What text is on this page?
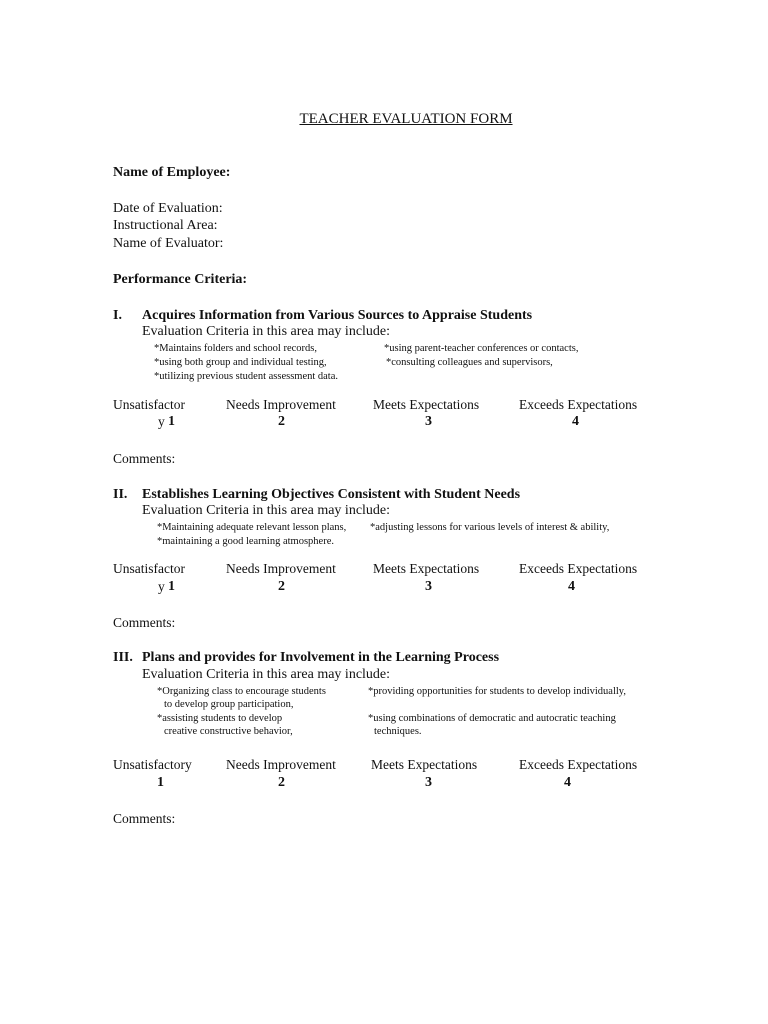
TEACHER EVALUATION FORM
Name of Employee:
Date of Evaluation:
Instructional Area:
Name of Evaluator:
Performance Criteria:
I. Acquires Information from Various Sources to Appraise Students
Evaluation Criteria in this area may include:
*Maintains folders and school records,
*using both group and individual testing,
*utilizing previous student assessment data.
*using parent-teacher conferences or contacts,
*consulting colleagues and supervisors,
Unsatisfactor	Needs Improvement	Meets Expectations	Exceeds Expectations
y 1	2	3	4
Comments:
II. Establishes Learning Objectives Consistent with Student Needs
Evaluation Criteria in this area may include:
*Maintaining adequate relevant lesson plans,
*maintaining a good learning atmosphere.
*adjusting lessons for various levels of interest & ability,
Unsatisfactor	Needs Improvement	Meets Expectations	Exceeds Expectations
y 1	2	3	4
Comments:
III. Plans and provides for Involvement in the Learning Process
Evaluation Criteria in this area may include:
*Organizing class to encourage students
to develop group participation,
*assisting students to develop
creative constructive behavior,
*providing opportunities for students to develop individually,
*using combinations of democratic and autocratic teaching
techniques.
Unsatisfactory	Needs Improvement	Meets Expectations	Exceeds Expectations
1	2	3	4
Comments:
